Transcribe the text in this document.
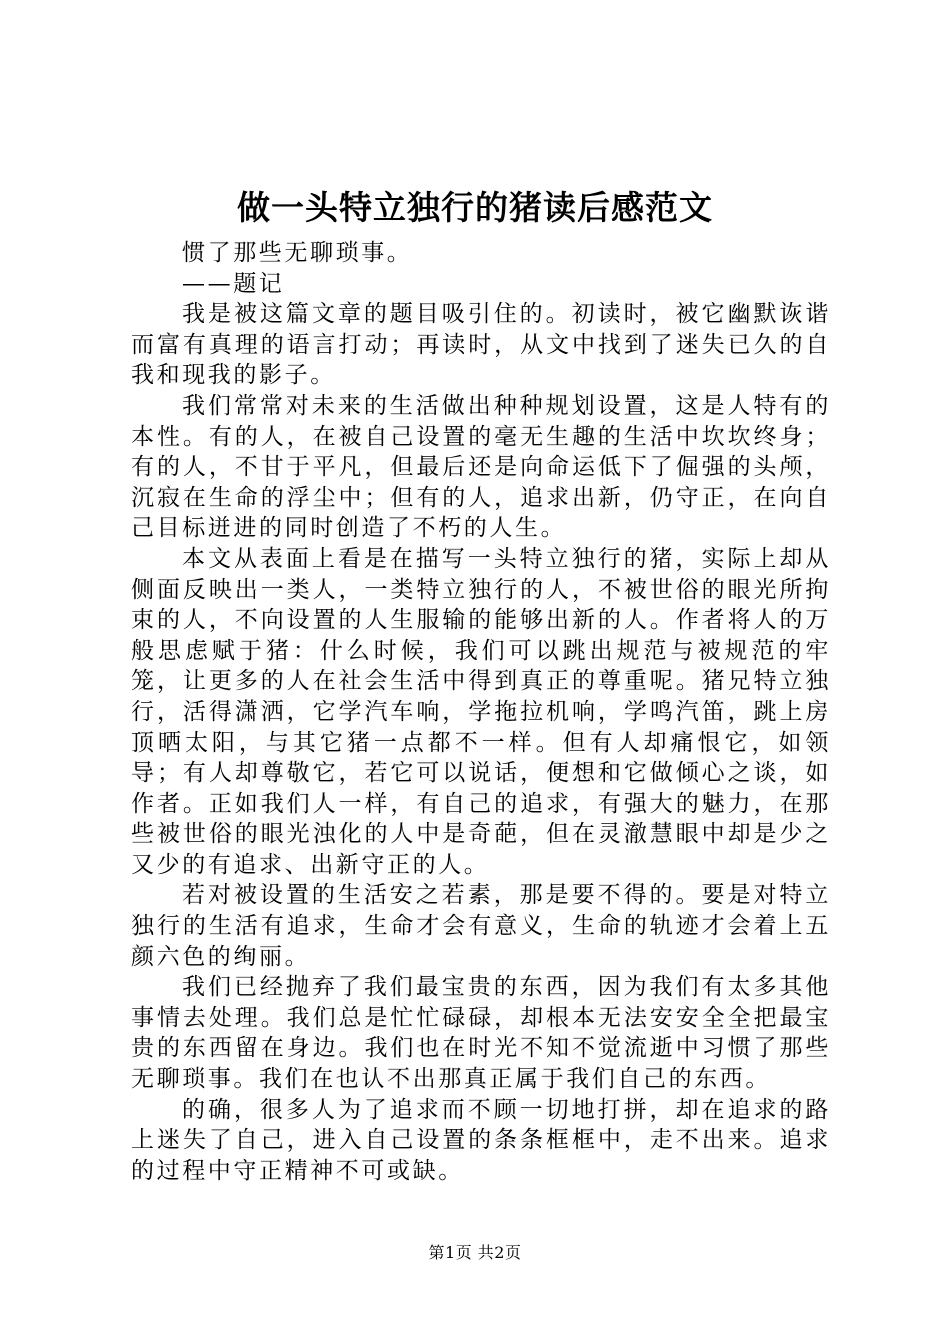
做一头特立独行的猪读后感范文

惯了那些无聊琐事。

——题记

我是被这篇文章的题目吸引住的。初读时，被它幽默诙谐而富有真理的语言打动；再读时，从文中找到了迷失已久的自我和现我的影子。

我们常常对未来的生活做出种种规划设置，这是人特有的本性。有的人，在被自己设置的毫无生趣的生活中坎坎终身；有的人，不甘于平凡，但最后还是向命运低下了倔强的头颅，沉寂在生命的浮尘中；但有的人，追求出新，仍守正，在向自己目标迸进的同时创造了不朽的人生。

本文从表面上看是在描写一头特立独行的猪，实际上却从侧面反映出一类人，一类特立独行的人，不被世俗的眼光所拘束的人，不向设置的人生服输的能够出新的人。作者将人的万般思虑赋于猪：什么时候，我们可以跳出规范与被规范的牢笼，让更多的人在社会生活中得到真正的尊重呢。猪兄特立独行，活得潇洒，它学汽车响，学拖拉机响，学鸣汽笛，跳上房顶晒太阳，与其它猪一点都不一样。但有人却痛恨它，如领导；有人却尊敬它，若它可以说话，便想和它做倾心之谈，如作者。正如我们人一样，有自己的追求，有强大的魅力，在那些被世俗的眼光浊化的人中是奇葩，但在灵澈慧眼中却是少之又少的有追求、出新守正的人。

若对被设置的生活安之若素，那是要不得的。要是对特立独行的生活有追求，生命才会有意义，生命的轨迹才会着上五颜六色的绚丽。

我们已经抛弃了我们最宝贵的东西，因为我们有太多其他事情去处理。我们总是忙忙碌碌，却根本无法安安全全把最宝贵的东西留在身边。我们也在时光不知不觉流逝中习惯了那些无聊琐事。我们在也认不出那真正属于我们自己的东西。

的确，很多人为了追求而不顾一切地打拼，却在追求的路上迷失了自己，进入自己设置的条条框框中，走不出来。追求的过程中守正精神不可或缺。

第1页 共2页
